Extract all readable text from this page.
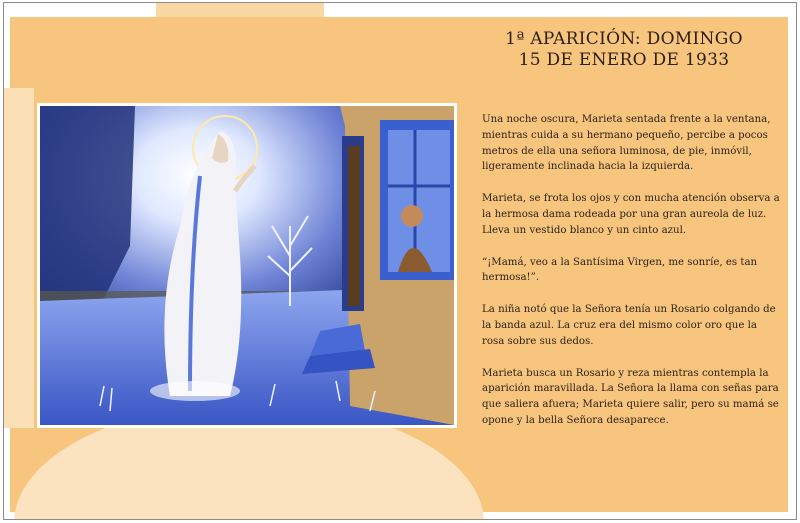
1ª APARICIÓN: DOMINGO
15 DE ENERO DE 1933

Una noche oscura, Marieta sentada frente a la ventana, mientras cuida a su hermano pequeño, percibe a pocos metros de ella una señora luminosa, de pie, inmóvil, ligeramente inclinada hacia la izquierda.

Marieta, se frota los ojos y con mucha atención observa a la hermosa dama rodeada por una gran aureola de luz. Lleva un vestido blanco y un cinto azul.

“¡Mamá, veo a la Santísima Virgen, me sonríe, es tan hermosa!”.

La niña notó que la Señora tenía un Rosario colgando de la banda azul. La cruz era del mismo color oro que la rosa sobre sus dedos.

Marieta busca un Rosario y reza mientras contempla la aparición maravillada. La Señora la llama con señas para que saliera afuera; Marieta quiere salir, pero su mamá se opone y la bella Señora desaparece.
